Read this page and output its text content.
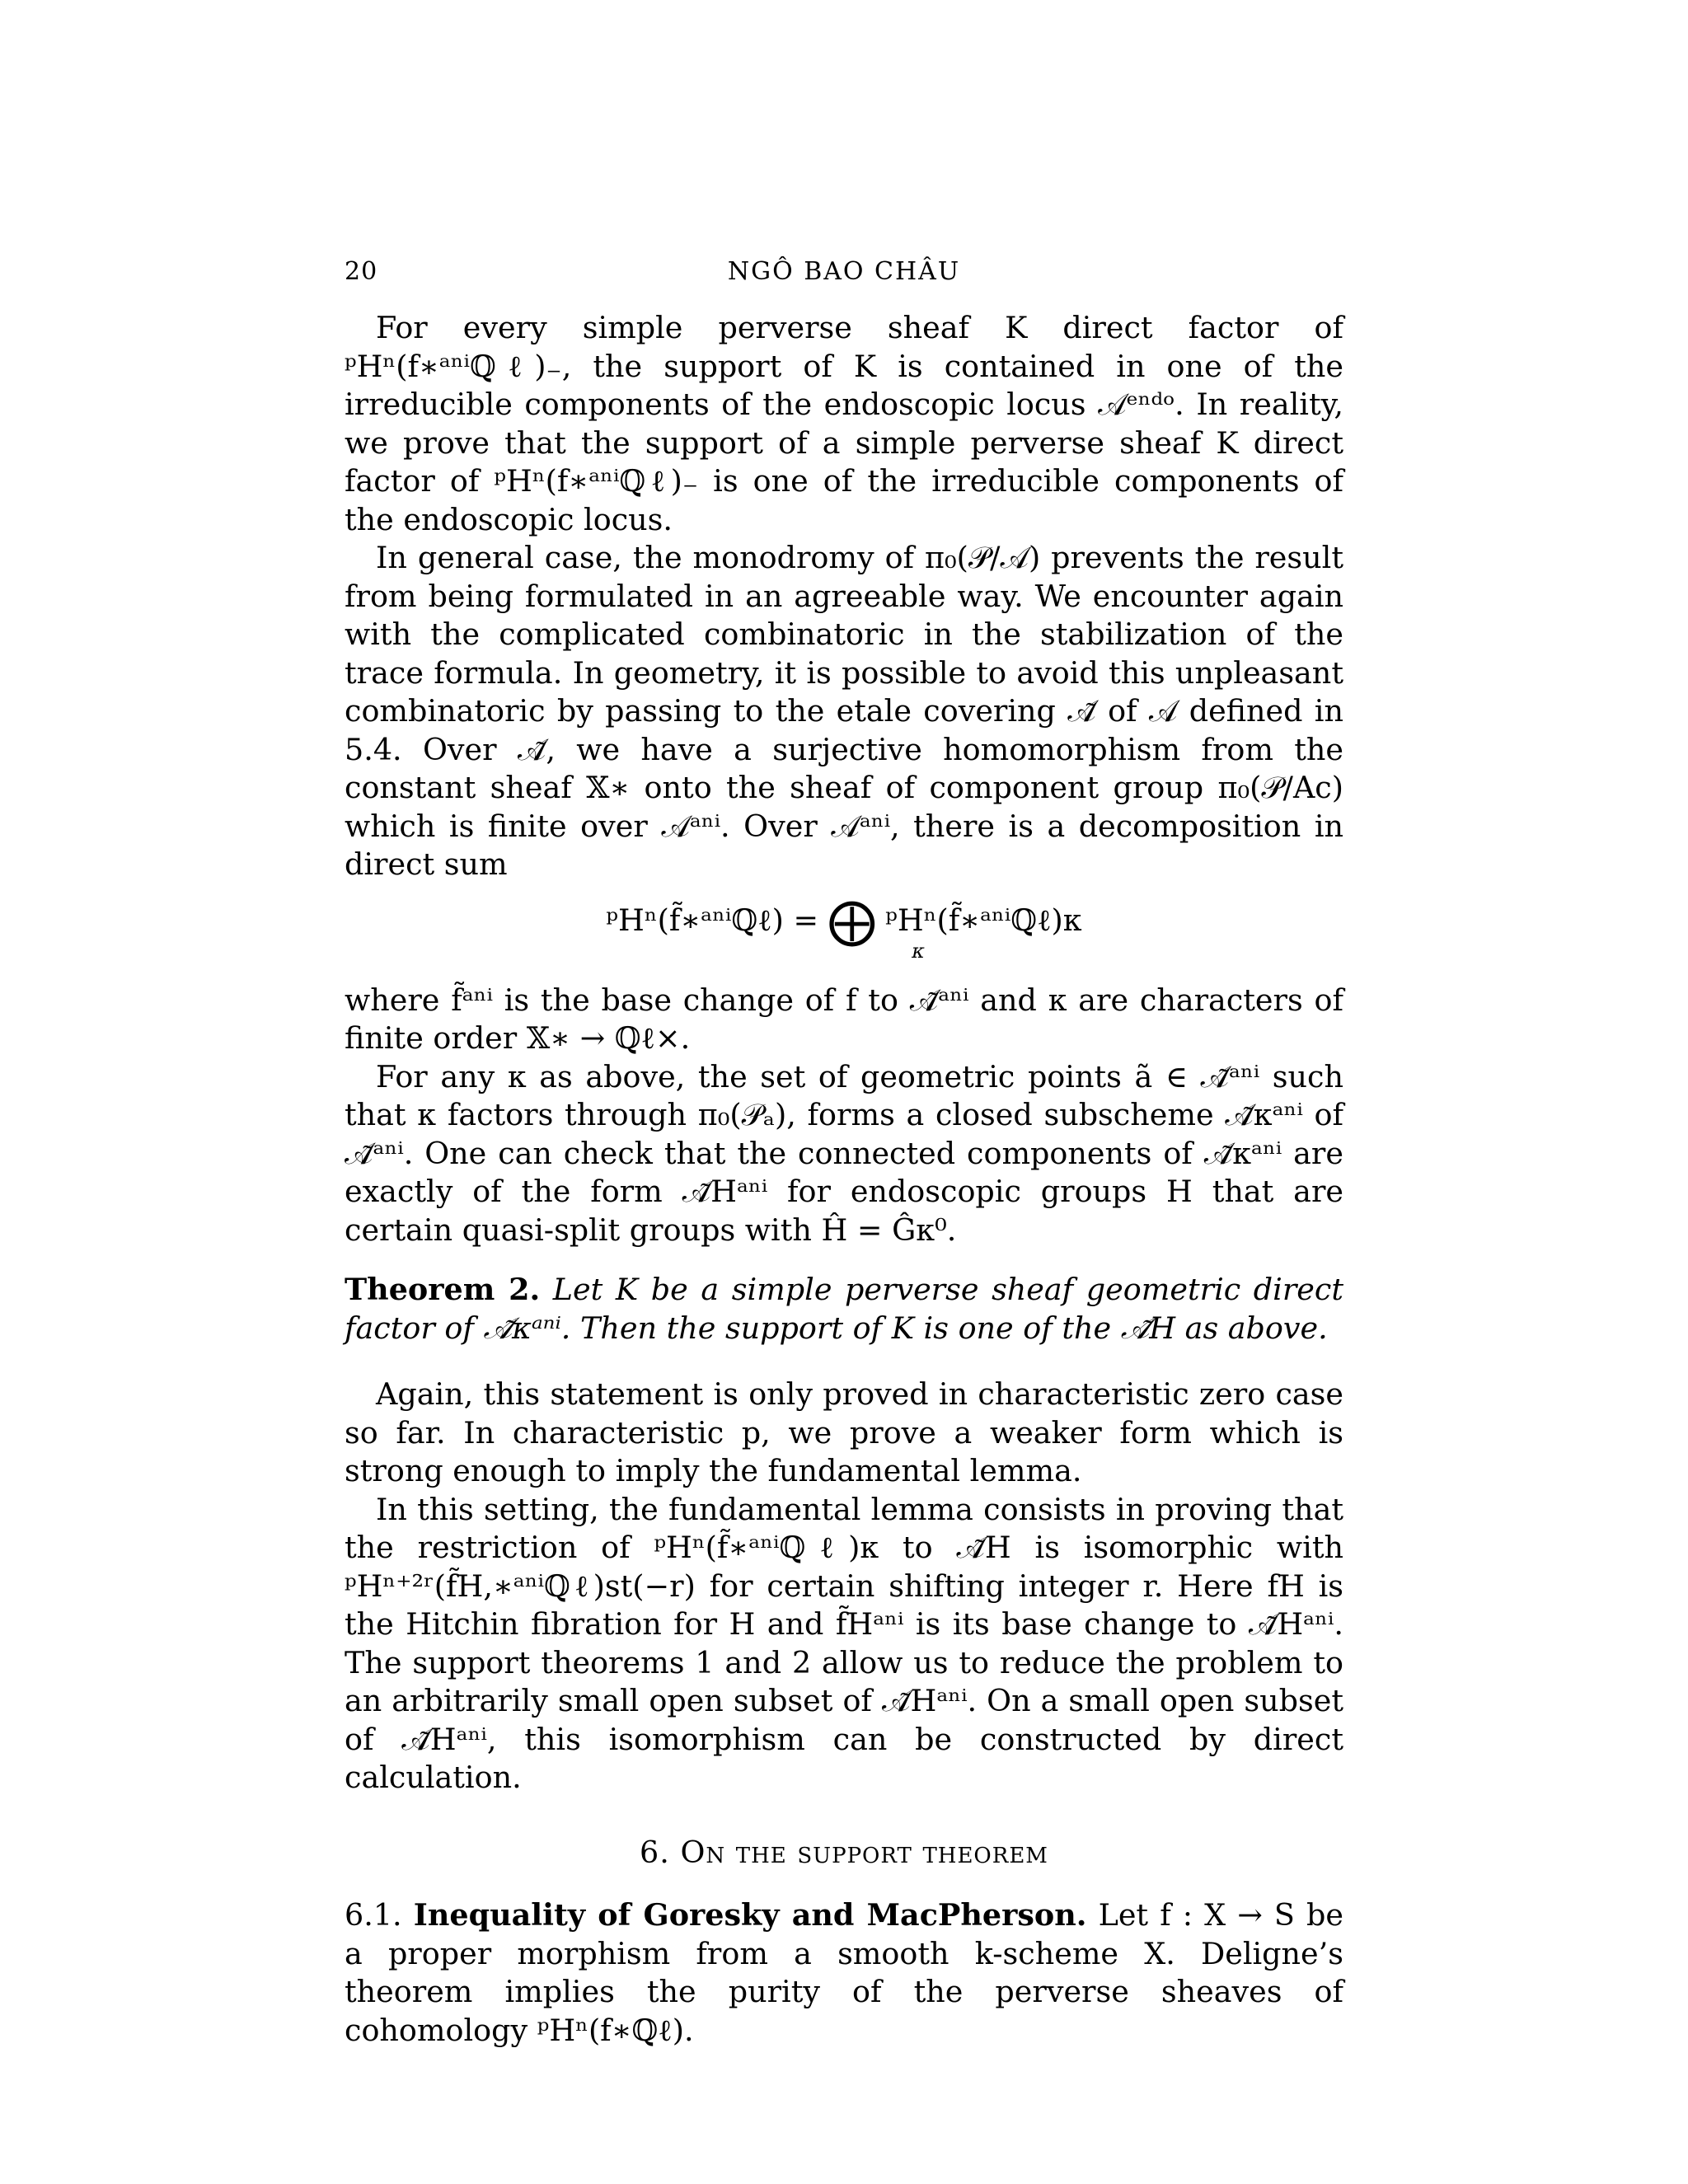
20	NGÔ BAO CHÂU

For every simple perverse sheaf K direct factor of ᵖHⁿ(f∗ᵃⁿⁱℚℓ)₋, the support of K is contained in one of the irreducible components of the endoscopic locus 𝒜ᵉⁿᵈᵒ. In reality, we prove that the support of a simple perverse sheaf K direct factor of ᵖHⁿ(f∗ᵃⁿⁱℚℓ)₋ is one of the irreducible components of the endoscopic locus.

In general case, the monodromy of π₀(𝒫/𝒜) prevents the result from being formulated in an agreeable way. We encounter again with the complicated combinatoric in the stabilization of the trace formula. In geometry, it is possible to avoid this unpleasant combinatoric by passing to the etale covering 𝒜̃ of 𝒜 defined in 5.4. Over 𝒜̃, we have a surjective homomorphism from the constant sheaf 𝕏∗ onto the sheaf of component group π₀(𝒫/Ac) which is finite over 𝒜ᵃⁿⁱ. Over 𝒜ᵃⁿⁱ, there is a decomposition in direct sum

ᵖHⁿ(f̃∗ᵃⁿⁱℚℓ) = ⨁ ᵖHⁿ(f̃∗ᵃⁿⁱℚℓ)κ
κ

where f̃ᵃⁿⁱ is the base change of f to 𝒜̃ᵃⁿⁱ and κ are characters of finite order 𝕏∗ → ℚℓ×.

For any κ as above, the set of geometric points ã ∈ 𝒜̃ᵃⁿⁱ such that κ factors through π₀(𝒫ₐ), forms a closed subscheme 𝒜̃κᵃⁿⁱ of 𝒜̃ᵃⁿⁱ. One can check that the connected components of 𝒜̃κᵃⁿⁱ are exactly of the form 𝒜̃Hᵃⁿⁱ for endoscopic groups H that are certain quasi-split groups with Ĥ = Ĝκ⁰.

Theorem 2. Let K be a simple perverse sheaf geometric direct factor of 𝒜̃κᵃⁿⁱ. Then the support of K is one of the 𝒜̃H as above.

Again, this statement is only proved in characteristic zero case so far. In characteristic p, we prove a weaker form which is strong enough to imply the fundamental lemma.

In this setting, the fundamental lemma consists in proving that the restriction of ᵖHⁿ(f̃∗ᵃⁿⁱℚℓ)κ to 𝒜̃H is isomorphic with ᵖHⁿ⁺²ʳ(f̃H,∗ᵃⁿⁱℚℓ)st(−r) for certain shifting integer r. Here fH is the Hitchin fibration for H and f̃Hᵃⁿⁱ is its base change to 𝒜̃Hᵃⁿⁱ. The support theorems 1 and 2 allow us to reduce the problem to an arbitrarily small open subset of 𝒜̃Hᵃⁿⁱ. On a small open subset of 𝒜̃Hᵃⁿⁱ, this isomorphism can be constructed by direct calculation.

6. On the support theorem

6.1. Inequality of Goresky and MacPherson. Let f : X → S be a proper morphism from a smooth k-scheme X. Deligne’s theorem implies the purity of the perverse sheaves of cohomology ᵖHⁿ(f∗ℚℓ).
